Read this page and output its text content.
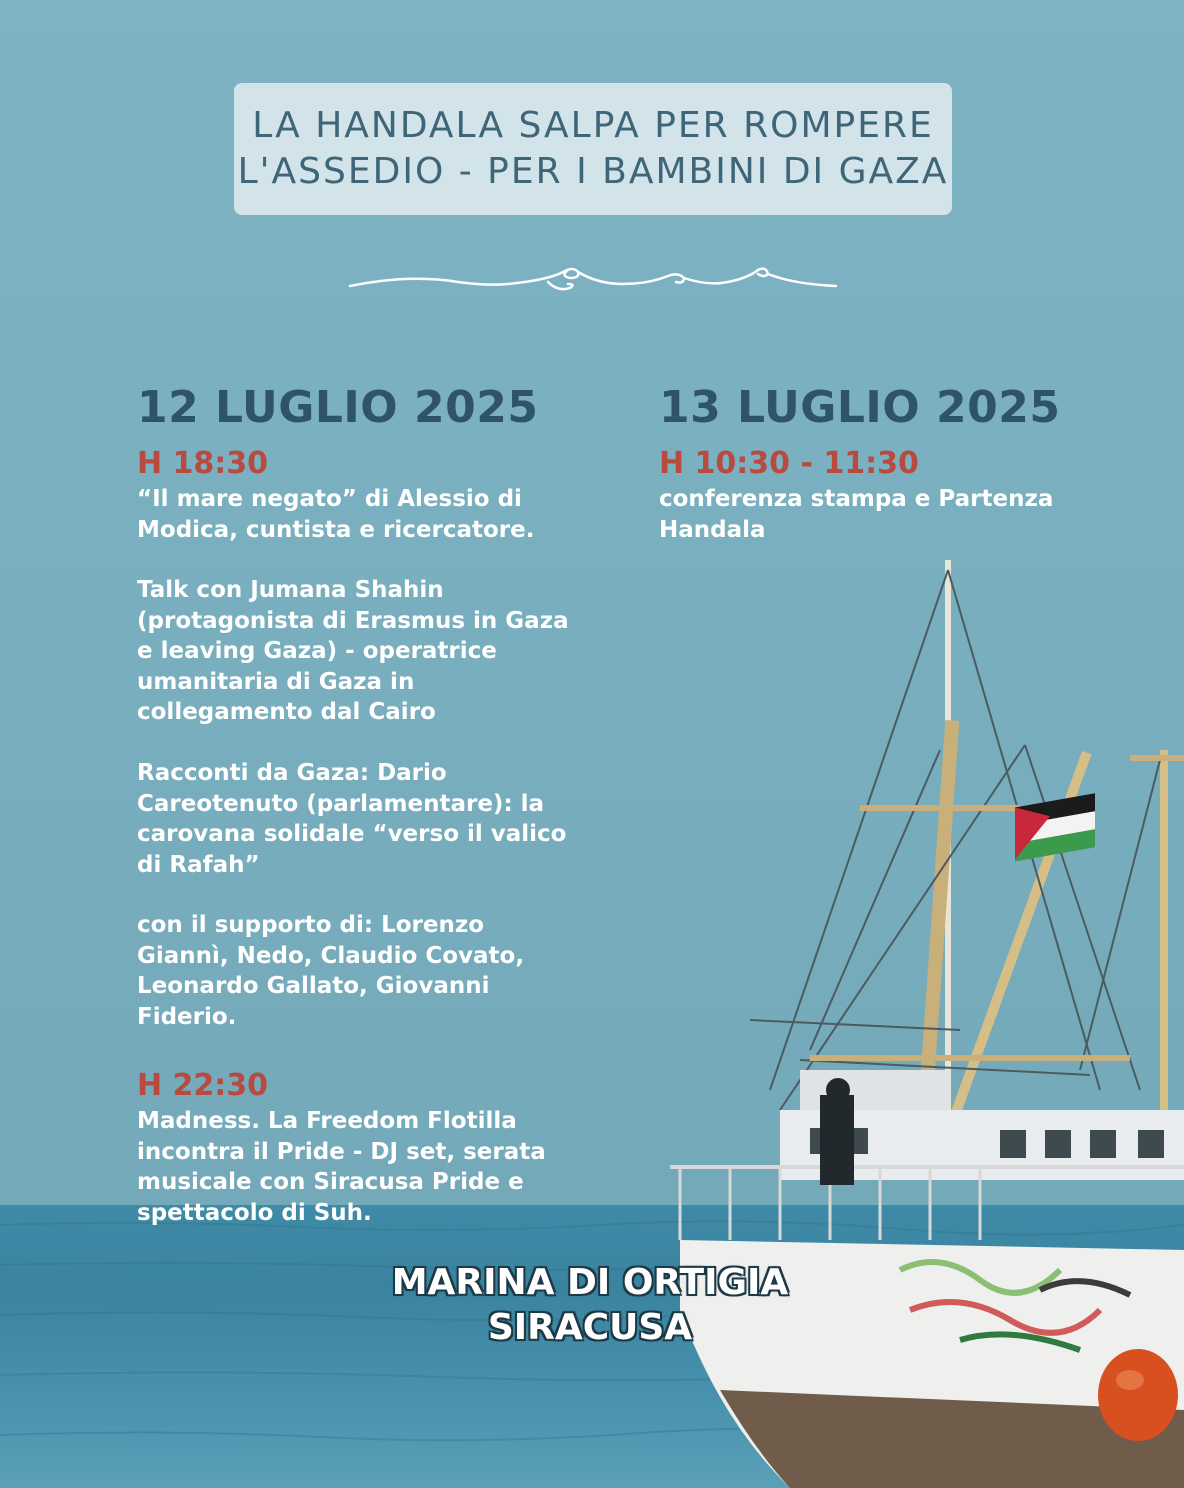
LA HANDALA SALPA PER ROMPERE
L'ASSEDIO - PER I BAMBINI DI GAZA
12 LUGLIO 2025
H 18:30
“Il mare negato” di Alessio di Modica, cuntista e ricercatore.
Talk con Jumana Shahin (protagonista di Erasmus in Gaza e leaving Gaza) - operatrice umanitaria di Gaza in collegamento dal Cairo
Racconti da Gaza: Dario Careotenuto (parlamentare): la carovana solidale “verso il valico di Rafah”
con il supporto di: Lorenzo Giannì, Nedo, Claudio Covato, Leonardo Gallato, Giovanni Fiderio.
H 22:30
Madness. La Freedom Flotilla incontra il Pride - DJ set, serata musicale con Siracusa Pride e spettacolo di Suh.
13 LUGLIO 2025
H 10:30 - 11:30
conferenza stampa e Partenza Handala
MARINA DI ORTIGIA
SIRACUSA
